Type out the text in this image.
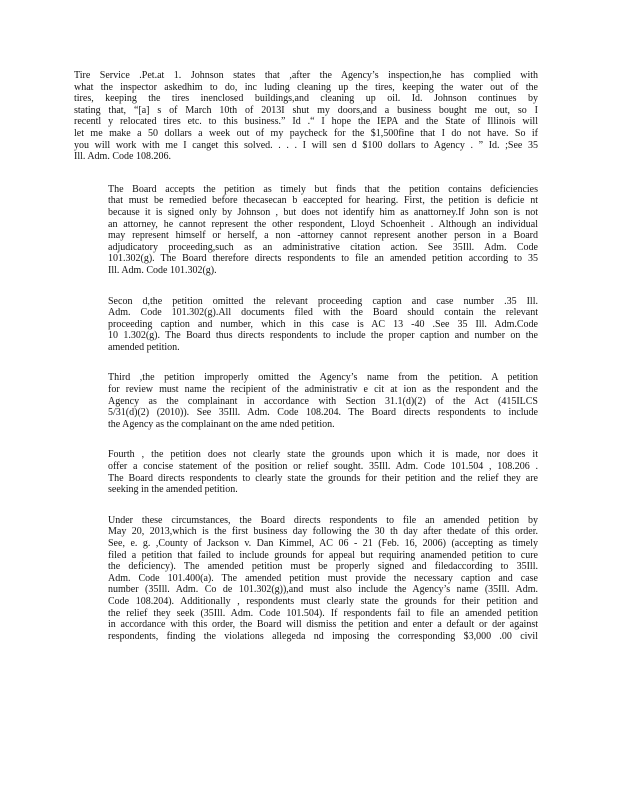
Tire Service .Pet.at 1. Johnson states that ,after the Agency’s inspection,he has complied with
what the inspector askedhim to do, inc luding cleaning up the tires, keeping the water out of the
tires, keeping the tires inenclosed buildings,and cleaning up oil. Id. Johnson continues by
stating that, “[a] s of March 10th of 2013I shut my doors,and a business bought me out, so I
recentl y relocated tires etc. to this business.” Id .“ I hope the IEPA and the State of Illinois will
let me make a 50 dollars a week out of my paycheck for the $1,500fine that I do not have. So if
you will work with me I canget this solved. . . . I will sen d $100 dollars to Agency . ” Id. ;See 35
Ill. Adm. Code 108.206.

The Board accepts the petition as timely but finds that the petition contains deficiencies
that must be remedied before thecasecan b eaccepted for hearing. First, the petition is deficie nt
because it is signed only by Johnson , but does not identify him as anattorney.If John son is not
an attorney, he cannot represent the other respondent, Lloyd Schoenheit . Although an individual
may represent himself or herself, a non -attorney cannot represent another person in a Board
adjudicatory proceeding,such as an administrative citation action. See 35Ill. Adm. Code
101.302(g). The Board therefore directs respondents to file an amended petition according to 35
Ill. Adm. Code 101.302(g).

Secon d,the petition omitted the relevant proceeding caption and case number .35 Ill.
Adm. Code 101.302(g).All documents filed with the Board should contain the relevant
proceeding caption and number, which in this case is AC 13 -40 .See 35 Ill. Adm.Code
10 1.302(g). The Board thus directs respondents to include the proper caption and number on the
amended petition.

Third ,the petition improperly omitted the Agency’s name from the petition. A petition
for review must name the recipient of the administrativ e cit at ion as the respondent and the
Agency as the complainant in accordance with Section 31.1(d)(2) of the Act (415ILCS
5/31(d)(2) (2010)). See 35Ill. Adm. Code 108.204. The Board directs respondents to include
the Agency as the complainant on the ame nded petition.

Fourth , the petition does not clearly state the grounds upon which it is made, nor does it
offer a concise statement of the position or relief sought. 35Ill. Adm. Code 101.504 , 108.206 .
The Board directs respondents to clearly state the grounds for their petition and the relief they are
seeking in the amended petition.

Under these circumstances, the Board directs respondents to file an amended petition by
May 20, 2013,which is the first business day following the 30 th day after thedate of this order.
See, e. g. ,County of Jackson v. Dan Kimmel, AC 06 - 21 (Feb. 16, 2006) (accepting as timely
filed a petition that failed to include grounds for appeal but requiring anamended petition to cure
the deficiency). The amended petition must be properly signed and filedaccording to 35Ill.
Adm. Code 101.400(a). The amended petition must provide the necessary caption and case
number (35Ill. Adm. Co de 101.302(g)),and must also include the Agency’s name (35Ill. Adm.
Code 108.204). Additionally , respondents must clearly state the grounds for their petition and
the relief they seek (35Ill. Adm. Code 101.504). If respondents fail to file an amended petition
in accordance with this order, the Board will dismiss the petition and enter a default or der against
respondents, finding the violations allegeda nd imposing the corresponding $3,000 .00 civil
